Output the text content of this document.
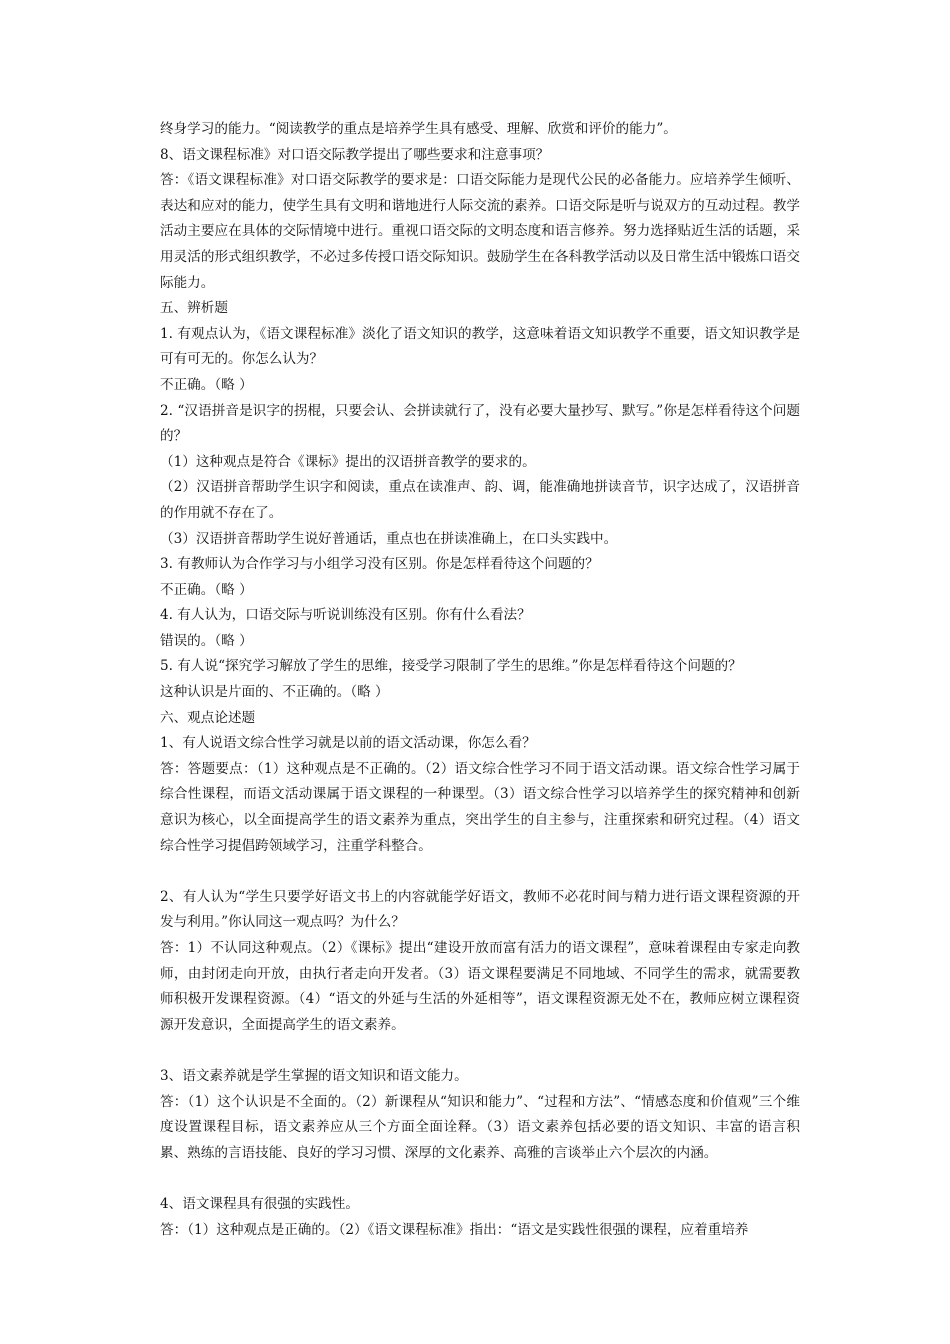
终身学习的能力。“阅读教学的重点是培养学生具有感受、理解、欣赏和评价的能力”。

8、语文课程标准》对口语交际教学提出了哪些要求和注意事项？

答：《语文课程标准》对口语交际教学的要求是：口语交际能力是现代公民的必备能力。应培养学生倾听、表达和应对的能力，使学生具有文明和谐地进行人际交流的素养。口语交际是听与说双方的互动过程。教学活动主要应在具体的交际情境中进行。重视口语交际的文明态度和语言修养。努力选择贴近生活的话题，采用灵活的形式组织教学，不必过多传授口语交际知识。鼓励学生在各科教学活动以及日常生活中锻炼口语交际能力。

五、辨析题

1. 有观点认为，《语文课程标准》淡化了语文知识的教学，这意味着语文知识教学不重要，语文知识教学是可有可无的。你怎么认为？

不正确。（略 ）

2. “汉语拼音是识字的拐棍，只要会认、会拼读就行了，没有必要大量抄写、默写。”你是怎样看待这个问题的？

（1）这种观点是符合《课标》提出的汉语拼音教学的要求的。

（2）汉语拼音帮助学生识字和阅读，重点在读准声、韵、调，能准确地拼读音节，识字达成了，汉语拼音的作用就不存在了。

（3）汉语拼音帮助学生说好普通话，重点也在拼读准确上，在口头实践中。

3. 有教师认为合作学习与小组学习没有区别。你是怎样看待这个问题的？

不正确。（略 ）

4. 有人认为，口语交际与听说训练没有区别。你有什么看法？

错误的。（略 ）

5. 有人说“探究学习解放了学生的思维，接受学习限制了学生的思维。”你是怎样看待这个问题的？

这种认识是片面的、不正确的。（略 ）

六、观点论述题

1、有人说语文综合性学习就是以前的语文活动课，你怎么看？

答：答题要点：（1）这种观点是不正确的。（2）语文综合性学习不同于语文活动课。语文综合性学习属于综合性课程，而语文活动课属于语文课程的一种课型。（3）语文综合性学习以培养学生的探究精神和创新意识为核心，以全面提高学生的语文素养为重点，突出学生的自主参与，注重探索和研究过程。（4）语文综合性学习提倡跨领域学习，注重学科整合。

2、有人认为“学生只要学好语文书上的内容就能学好语文，教师不必花时间与精力进行语文课程资源的开发与利用。”你认同这一观点吗？为什么？

答：1）不认同这种观点。（2）《课标》提出“建设开放而富有活力的语文课程”，意味着课程由专家走向教师，由封闭走向开放，由执行者走向开发者。（3）语文课程要满足不同地域、不同学生的需求，就需要教师积极开发课程资源。（4）“语文的外延与生活的外延相等”，语文课程资源无处不在，教师应树立课程资源开发意识，全面提高学生的语文素养。

3、语文素养就是学生掌握的语文知识和语文能力。

答：（1）这个认识是不全面的。（2）新课程从“知识和能力”、“过程和方法”、“情感态度和价值观”三个维度设置课程目标，语文素养应从三个方面全面诠释。（3）语文素养包括必要的语文知识、丰富的语言积累、熟练的言语技能、良好的学习习惯、深厚的文化素养、高雅的言谈举止六个层次的内涵。

4、语文课程具有很强的实践性。

答：（1）这种观点是正确的。（2）《语文课程标准》指出：“语文是实践性很强的课程，应着重培养
